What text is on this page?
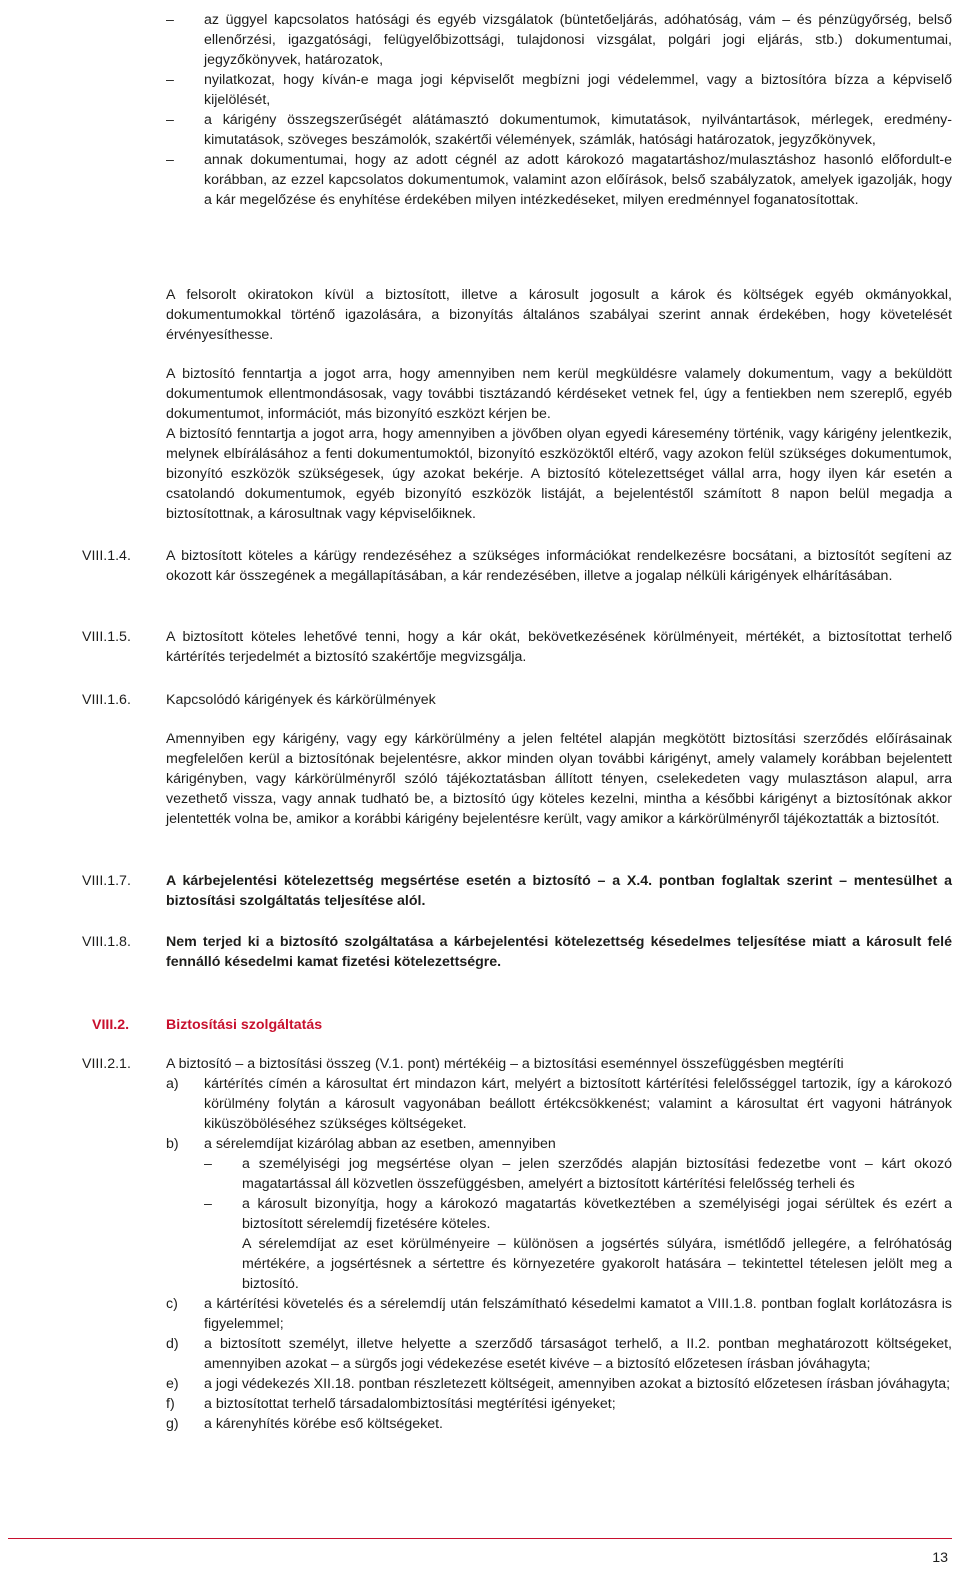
– az üggyel kapcsolatos hatósági és egyéb vizsgálatok (büntetőeljárás, adóhatóság, vám – és pénzügyőrség, belső ellenőrzési, igazgatósági, felügyelőbizottsági, tulajdonosi vizsgálat, polgári jogi eljárás, stb.) dokumentumai, jegyzőkönyvek, határozatok,
– nyilatkozat, hogy kíván-e maga jogi képviselőt megbízni jogi védelemmel, vagy a biztosítóra bízza a képviselő kijelölését,
– a kárigény összegszerűségét alátámasztó dokumentumok, kimutatások, nyilvántartások, mérlegek, eredmény-kimutatások, szöveges beszámolók, szakértői vélemények, számlák, hatósági határozatok, jegyzőkönyvek,
– annak dokumentumai, hogy az adott cégnél az adott károkozó magatartáshoz/mulasztáshoz hasonló előfordult-e korábban, az ezzel kapcsolatos dokumentumok, valamint azon előírások, belső szabályzatok, amelyek igazolják, hogy a kár megelőzése és enyhítése érdekében milyen intézkedéseket, milyen eredménnyel foganatosítottak.

A felsorolt okiratokon kívül a biztosított, illetve a károsult jogosult a károk és költségek egyéb okmányokkal, dokumentumokkal történő igazolására, a bizonyítás általános szabályai szerint annak érdekében, hogy követelését érvényesíthesse.

A biztosító fenntartja a jogot arra, hogy amennyiben nem kerül megküldésre valamely dokumentum, vagy a beküldött dokumentumok ellentmondásosak, vagy további tisztázandó kérdéseket vetnek fel, úgy a fentiekben nem szereplő, egyéb dokumentumot, információt, más bizonyító eszközt kérjen be.

A biztosító fenntartja a jogot arra, hogy amennyiben a jövőben olyan egyedi káresemény történik, vagy kárigény jelentkezik, melynek elbírálásához a fenti dokumentumoktól, bizonyító eszközöktől eltérő, vagy azokon felül szükséges dokumentumok, bizonyító eszközök szükségesek, úgy azokat bekérje. A biztosító kötelezettséget vállal arra, hogy ilyen kár esetén a csatolandó dokumentumok, egyéb bizonyító eszközök listáját, a bejelentéstől számított 8 napon belül megadja a biztosítottnak, a károsultnak vagy képviselőiknek.

VIII.1.4.	A biztosított köteles a kárügy rendezéséhez a szükséges információkat rendelkezésre bocsátani, a biztosítót segíteni az okozott kár összegének a megállapításában, a kár rendezésében, illetve a jogalap nélküli kárigények elhárításában.

VIII.1.5.	A biztosított köteles lehetővé tenni, hogy a kár okát, bekövetkezésének körülményeit, mértékét, a biztosítottat terhelő kártérítés terjedelmét a biztosító szakértője megvizsgálja.

VIII.1.6.	Kapcsolódó kárigények és kárkörülmények

Amennyiben egy kárigény, vagy egy kárkörülmény a jelen feltétel alapján megkötött biztosítási szerződés előírásainak megfelelően kerül a biztosítónak bejelentésre, akkor minden olyan további kárigényt, amely valamely korábban bejelentett kárigényben, vagy kárkörülményről szóló tájékoztatásban állított tényen, cselekedeten vagy mulasztáson alapul, arra vezethető vissza, vagy annak tudható be, a biztosító úgy köteles kezelni, mintha a későbbi kárigényt a biztosítónak akkor jelentették volna be, amikor a korábbi kárigény bejelentésre került, vagy amikor a kárkörülményről tájékoztatták a biztosítót.

VIII.1.7.	A kárbejelentési kötelezettség megsértése esetén a biztosító – a X.4. pontban foglaltak szerint – mentesülhet a biztosítási szolgáltatás teljesítése alól.

VIII.1.8.	Nem terjed ki a biztosító szolgáltatása a kárbejelentési kötelezettség késedelmes teljesítése miatt a károsult felé fennálló késedelmi kamat fizetési kötelezettségre.

VIII.2.	Biztosítási szolgáltatás
VIII.2.1.	A biztosító – a biztosítási összeg (V.1. pont) mértékéig – a biztosítási eseménnyel összefüggésben megtéríti
a) kártérítés címén a károsultat ért mindazon kárt, melyért a biztosított kártérítési felelősséggel tartozik, így a károkozó körülmény folytán a károsult vagyonában beállott értékcsökkenést; valamint a károsultat ért vagyoni hátrányok kiküszöböléséhez szükséges költségeket.
b) a sérelemdíjat kizárólag abban az esetben, amennyiben
– a személyiségi jog megsértése olyan – jelen szerződés alapján biztosítási fedezetbe vont – kárt okozó magatartással áll közvetlen összefüggésben, amelyért a biztosított kártérítési felelősség terheli és
– a károsult bizonyítja, hogy a károkozó magatartás következtében a személyiségi jogai sérültek és ezért a biztosított sérelemdíj fizetésére köteles.
A sérelemdíjat az eset körülményeire – különösen a jogsértés súlyára, ismétlődő jellegére, a felróhatóság mértékére, a jogsértésnek a sértettre és környezetére gyakorolt hatására – tekintettel tételesen jelölt meg a biztosító.
c) a kártérítési követelés és a sérelemdíj után felszámítható késedelmi kamatot a VIII.1.8. pontban foglalt korlátozásra is figyelemmel;
d) a biztosított személyt, illetve helyette a szerződő társaságot terhelő, a II.2. pontban meghatározott költségeket, amennyiben azokat – a sürgős jogi védekezése esetét kivéve – a biztosító előzetesen írásban jóváhagyta;
e) a jogi védekezés XII.18. pontban részletezett költségeit, amennyiben azokat a biztosító előzetesen írásban jóváhagyta;
f) a biztosítottat terhelő társadalombiztosítási megtérítési igényeket;
g) a kárenyhítés körébe eső költségeket.
13
